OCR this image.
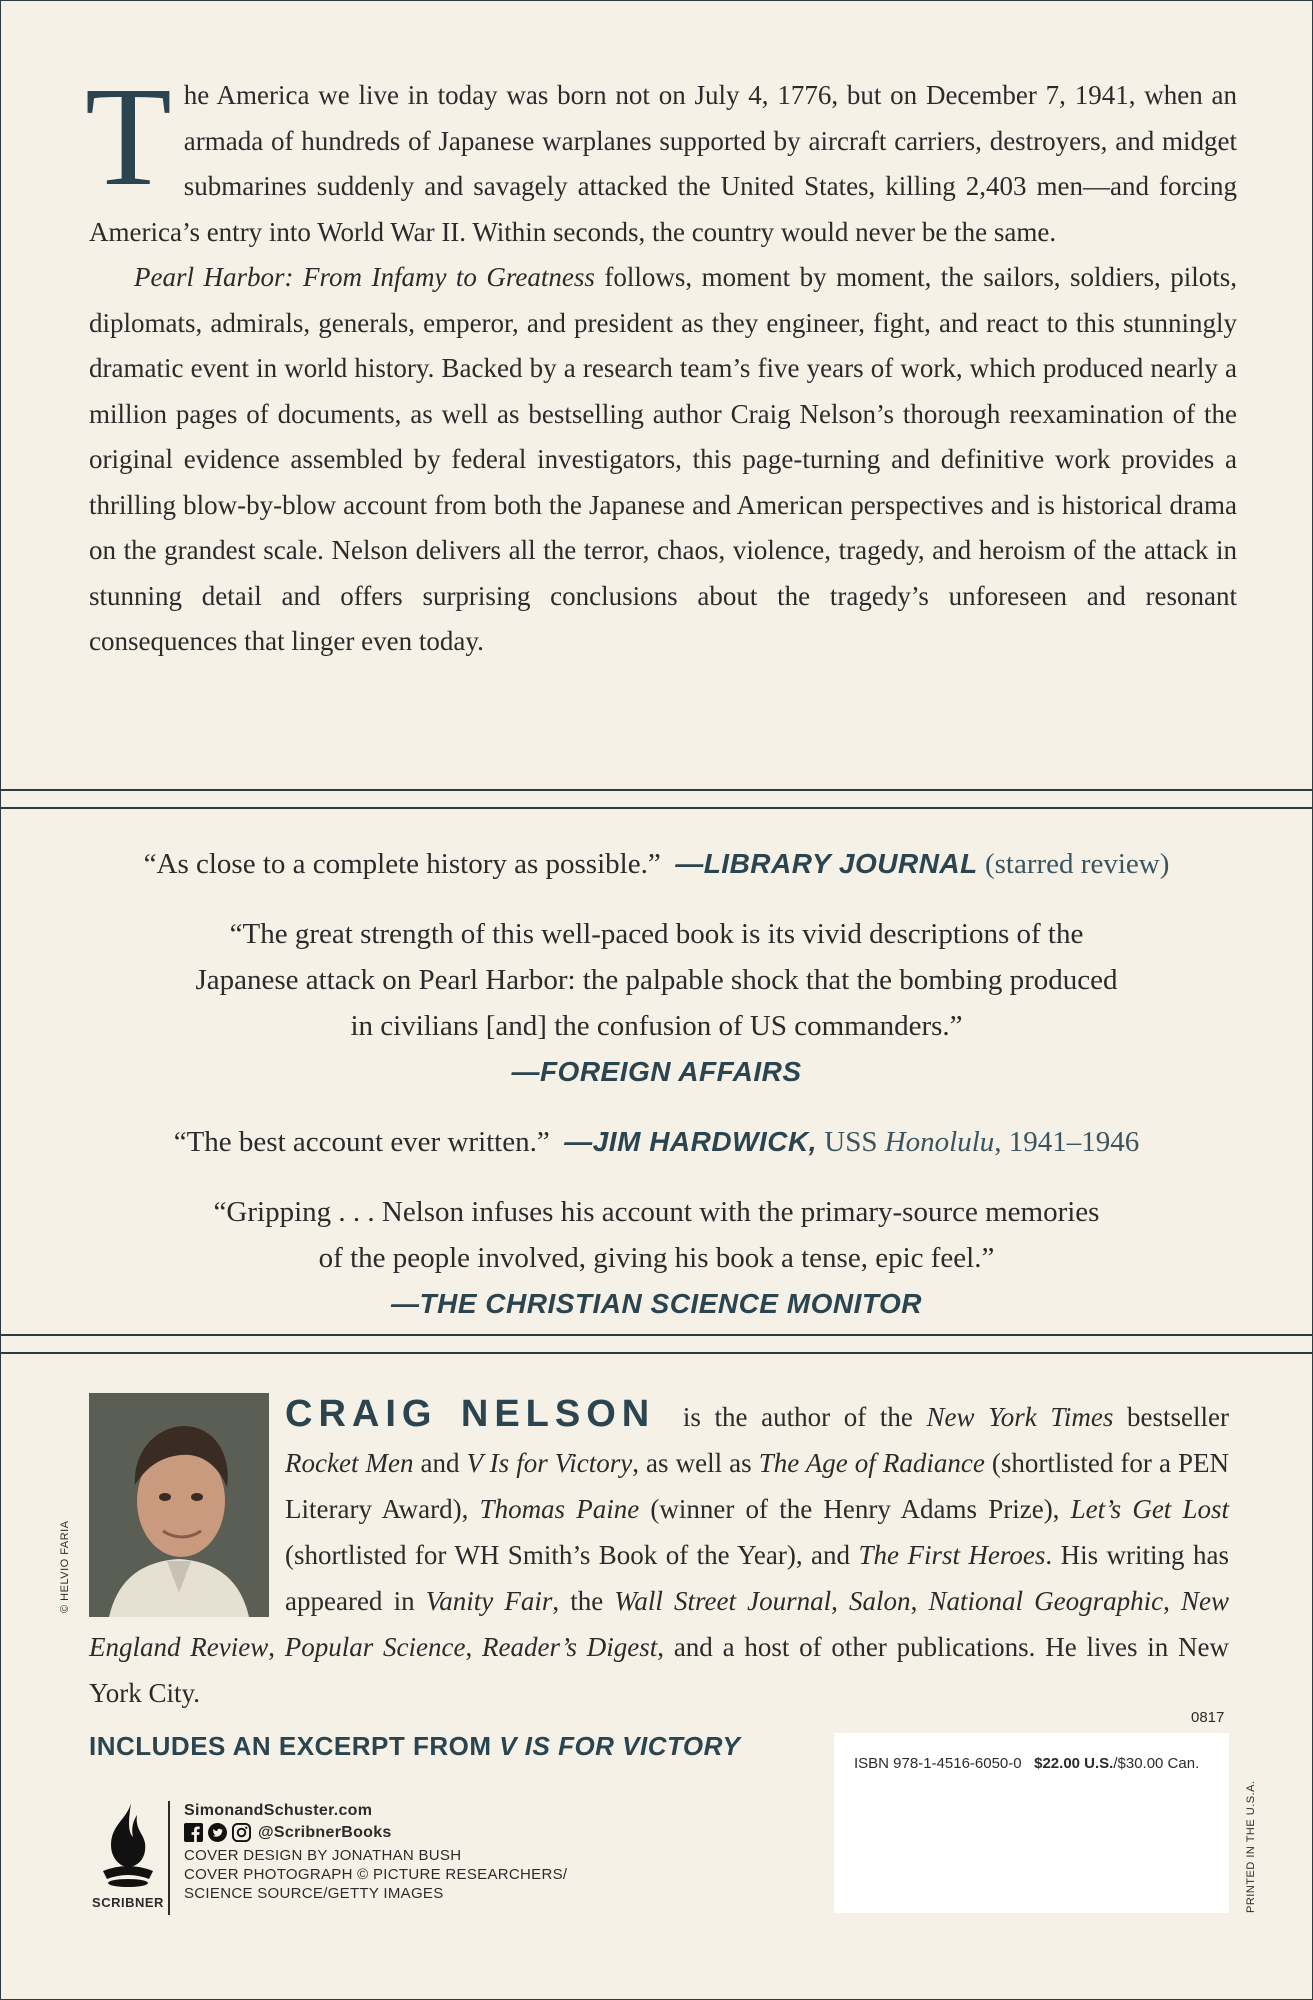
The America we live in today was born not on July 4, 1776, but on December 7, 1941, when an armada of hundreds of Japanese warplanes supported by aircraft carriers, destroyers, and midget submarines suddenly and savagely attacked the United States, killing 2,403 men—and forcing America’s entry into World War II. Within seconds, the country would never be the same.

Pearl Harbor: From Infamy to Greatness follows, moment by moment, the sailors, soldiers, pilots, diplomats, admirals, generals, emperor, and president as they engineer, fight, and react to this stunningly dramatic event in world history. Backed by a research team’s five years of work, which produced nearly a million pages of documents, as well as bestselling author Craig Nelson’s thorough reexamination of the original evidence assembled by federal investigators, this page-turning and definitive work provides a thrilling blow-by-blow account from both the Japanese and American perspectives and is historical drama on the grandest scale. Nelson delivers all the terror, chaos, violence, tragedy, and heroism of the attack in stunning detail and offers surprising conclusions about the tragedy’s unforeseen and resonant consequences that linger even today.

“As close to a complete history as possible.” —LIBRARY JOURNAL (starred review)
“The great strength of this well-paced book is its vivid descriptions of the
Japanese attack on Pearl Harbor: the palpable shock that the bombing produced
in civilians [and] the confusion of US commanders.”
—FOREIGN AFFAIRS
“The best account ever written.” —JIM HARDWICK, USS Honolulu, 1941–1946
“Gripping . . . Nelson infuses his account with the primary-source memories
of the people involved, giving his book a tense, epic feel.”
—THE CHRISTIAN SCIENCE MONITOR
© HELVIO FARIA
CRAIG NELSON is the author of the New York Times bestseller Rocket Men and V Is for Victory, as well as The Age of Radiance (shortlisted for a PEN Literary Award), Thomas Paine (winner of the Henry Adams Prize), Let’s Get Lost (shortlisted for WH Smith’s Book of the Year), and The First Heroes. His writing has appeared in Vanity Fair, the Wall Street Journal, Salon, National Geographic, New England Review, Popular Science, Reader’s Digest, and a host of other publications. He lives in New York City.
0817
INCLUDES AN EXCERPT FROM V IS FOR VICTORY
ISBN 978-1-4516-6050-0 $22.00 U.S./$30.00 Can.
PRINTED IN THE U.S.A.
SCRIBNER
SimonandSchuster.com
@ScribnerBooks
COVER DESIGN BY JONATHAN BUSH
COVER PHOTOGRAPH © PICTURE RESEARCHERS/
SCIENCE SOURCE/GETTY IMAGES
